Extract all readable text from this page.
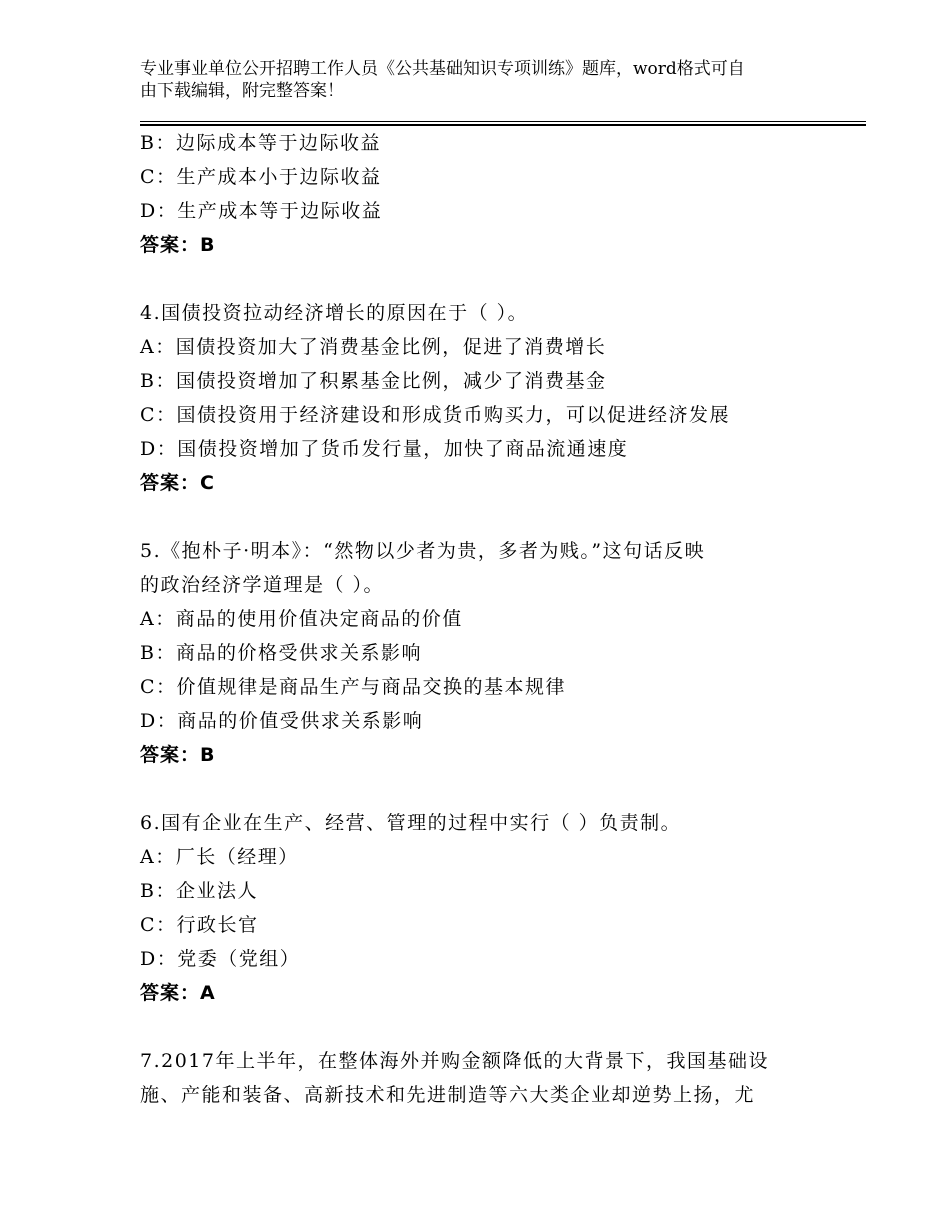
专业事业单位公开招聘工作人员《公共基础知识专项训练》题库，word格式可自
由下载编辑，附完整答案！
B：边际成本等于边际收益
C：生产成本小于边际收益
D：生产成本等于边际收益
答案：B
4.国债投资拉动经济增长的原因在于（ ）。
A：国债投资加大了消费基金比例，促进了消费增长
B：国债投资增加了积累基金比例，减少了消费基金
C：国债投资用于经济建设和形成货币购买力，可以促进经济发展
D：国债投资增加了货币发行量，加快了商品流通速度
答案：C
5.《抱朴子·明本》：“然物以少者为贵，多者为贱。”这句话反映
的政治经济学道理是（ ）。
A：商品的使用价值决定商品的价值
B：商品的价格受供求关系影响
C：价值规律是商品生产与商品交换的基本规律
D：商品的价值受供求关系影响
答案：B
6.国有企业在生产、经营、管理的过程中实行（ ）负责制。
A：厂长（经理）
B：企业法人
C：行政长官
D：党委（党组）
答案：A
7.2017年上半年，在整体海外并购金额降低的大背景下，我国基础设
施、产能和装备、高新技术和先进制造等六大类企业却逆势上扬，尤
